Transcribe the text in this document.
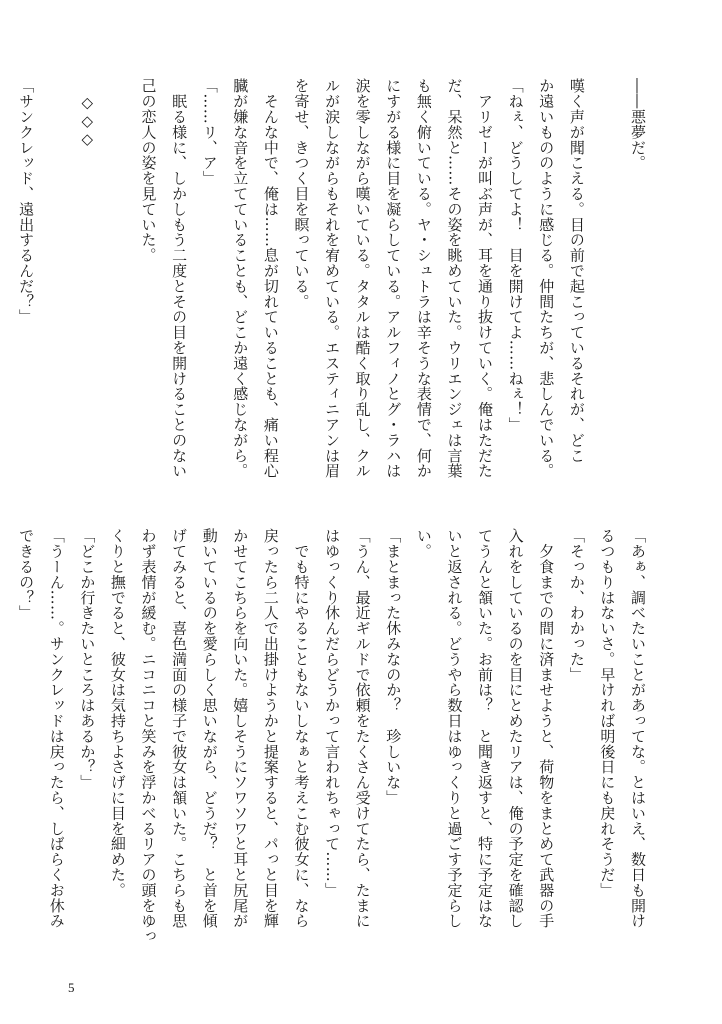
――悪夢だ。

嘆く声が聞こえる。目の前で起こっているそれが、どこ
か遠いもののように感じる。仲間たちが、悲しんでいる。
「ねぇ、どうしてよ！　目を開けてよ……ねぇ！」
　アリゼーが叫ぶ声が、耳を通り抜けていく。俺はただた
だ、呆然と……その姿を眺めていた。ウリエンジェは言葉
も無く俯いている。ヤ・シュトラは辛そうな表情で、何か
にすがる様に目を凝らしている。アルフィノとグ・ラハは
涙を零しながら嘆いている。タタルは酷く取り乱し、クル
ルが涙しながらもそれを宥めている。エスティニアンは眉
を寄せ、きつく目を瞑っている。
　そんな中で、俺は……息が切れていることも、痛い程心
臓が嫌な音を立てていることも、どこか遠く感じながら。
「……リ、ア」
　眠る様に、しかしもう二度とその目を開けることのない
己の恋人の姿を見ていた。

　◇◇◇

「サンクレッド、遠出するんだ？」
「あぁ、調べたいことがあってな。とはいえ、数日も開け
るつもりはないさ。早ければ明後日にも戻れそうだ」
「そっか、わかった」
　夕食までの間に済ませようと、荷物をまとめて武器の手
入れをしているのを目にとめたリアは、俺の予定を確認し
てうんと頷いた。お前は？　と聞き返すと、特に予定はな
いと返される。どうやら数日はゆっくりと過ごす予定らし
い。
「まとまった休みなのか？　珍しいな」
「うん、最近ギルドで依頼をたくさん受けてたら、たまに
はゆっくり休んだらどうかって言われちゃって……」
　でも特にやることもないしなぁと考えこむ彼女に、なら
戻ったら二人で出掛けようかと提案すると、パっと目を輝
かせてこちらを向いた。嬉しそうにソワソワと耳と尻尾が
動いているのを愛らしく思いながら、どうだ？　と首を傾
げてみると、喜色満面の様子で彼女は頷いた。こちらも思
わず表情が緩む。ニコニコと笑みを浮かべるリアの頭をゆっ
くりと撫でると、彼女は気持ちよさげに目を細めた。
「どこか行きたいところはあるか？」
「うーん……。サンクレッドは戻ったら、しばらくお休み
できるの？」
5
